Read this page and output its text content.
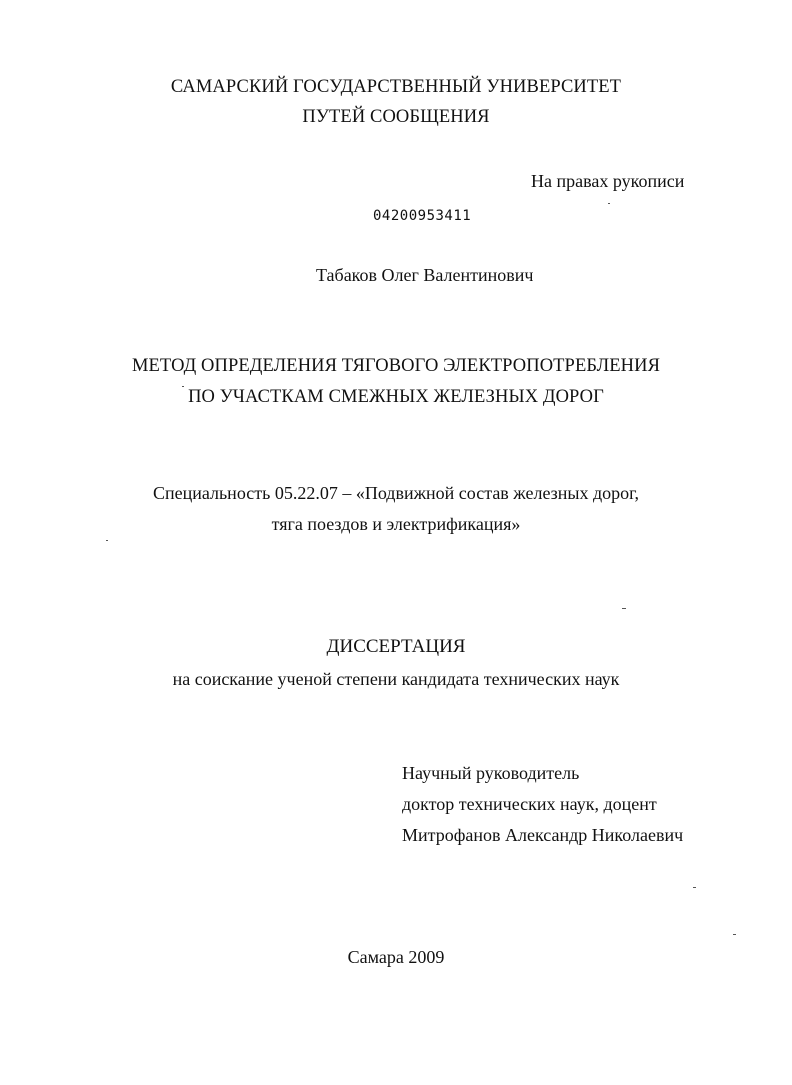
САМАРСКИЙ ГОСУДАРСТВЕННЫЙ УНИВЕРСИТЕТ
ПУТЕЙ СООБЩЕНИЯ
На правах рукописи
04200953411
Табаков Олег Валентинович
МЕТОД ОПРЕДЕЛЕНИЯ ТЯГОВОГО ЭЛЕКТРОПОТРЕБЛЕНИЯ
ПО УЧАСТКАМ СМЕЖНЫХ ЖЕЛЕЗНЫХ ДОРОГ
Специальность 05.22.07 – «Подвижной состав железных дорог,
тяга поездов и электрификация»
ДИССЕРТАЦИЯ
на соискание ученой степени кандидата технических наук
Научный руководитель
доктор технических наук, доцент
Митрофанов Александр Николаевич
Самара 2009
